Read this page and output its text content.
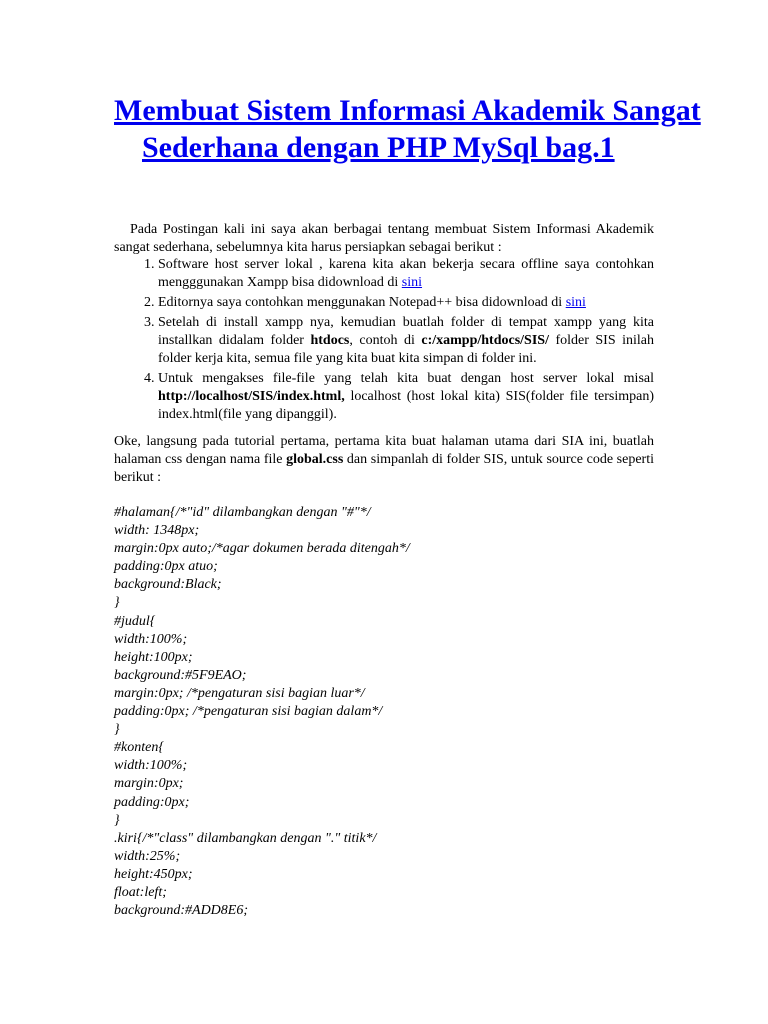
Membuat Sistem Informasi Akademik Sangat Sederhana dengan PHP MySql bag.1

Pada Postingan kali ini saya akan berbagai tentang membuat Sistem Informasi Akademik sangat sederhana, sebelumnya kita harus persiapkan sebagai berikut :

1. Software host server lokal , karena kita akan bekerja secara offline saya contohkan mengggunakan Xampp bisa didownload di sini
2. Editornya saya contohkan menggunakan Notepad++ bisa didownload di sini
3. Setelah di install xampp nya, kemudian buatlah folder di tempat xampp yang kita installkan didalam folder htdocs, contoh di c:/xampp/htdocs/SIS/ folder SIS inilah folder kerja kita, semua file yang kita buat kita simpan di folder ini.
4. Untuk mengakses file-file yang telah kita buat dengan host server lokal misal http://localhost/SIS/index.html, localhost (host lokal kita) SIS(folder file tersimpan) index.html(file yang dipanggil).

Oke, langsung pada tutorial pertama, pertama kita buat halaman utama dari SIA ini, buatlah halaman css dengan nama file global.css dan simpanlah di folder SIS, untuk source code seperti berikut :

#halaman{/*"id" dilambangkan dengan "#"*/
width: 1348px;
margin:0px auto;/*agar dokumen berada ditengah*/
padding:0px atuo;
background:Black;
}
#judul{
width:100%;
height:100px;
background:#5F9EAO;
margin:0px; /*pengaturan sisi bagian luar*/
padding:0px; /*pengaturan sisi bagian dalam*/
}
#konten{
width:100%;
margin:0px;
padding:0px;
}
.kiri{/*"class" dilambangkan dengan "." titik*/
width:25%;
height:450px;
float:left;
background:#ADD8E6;
